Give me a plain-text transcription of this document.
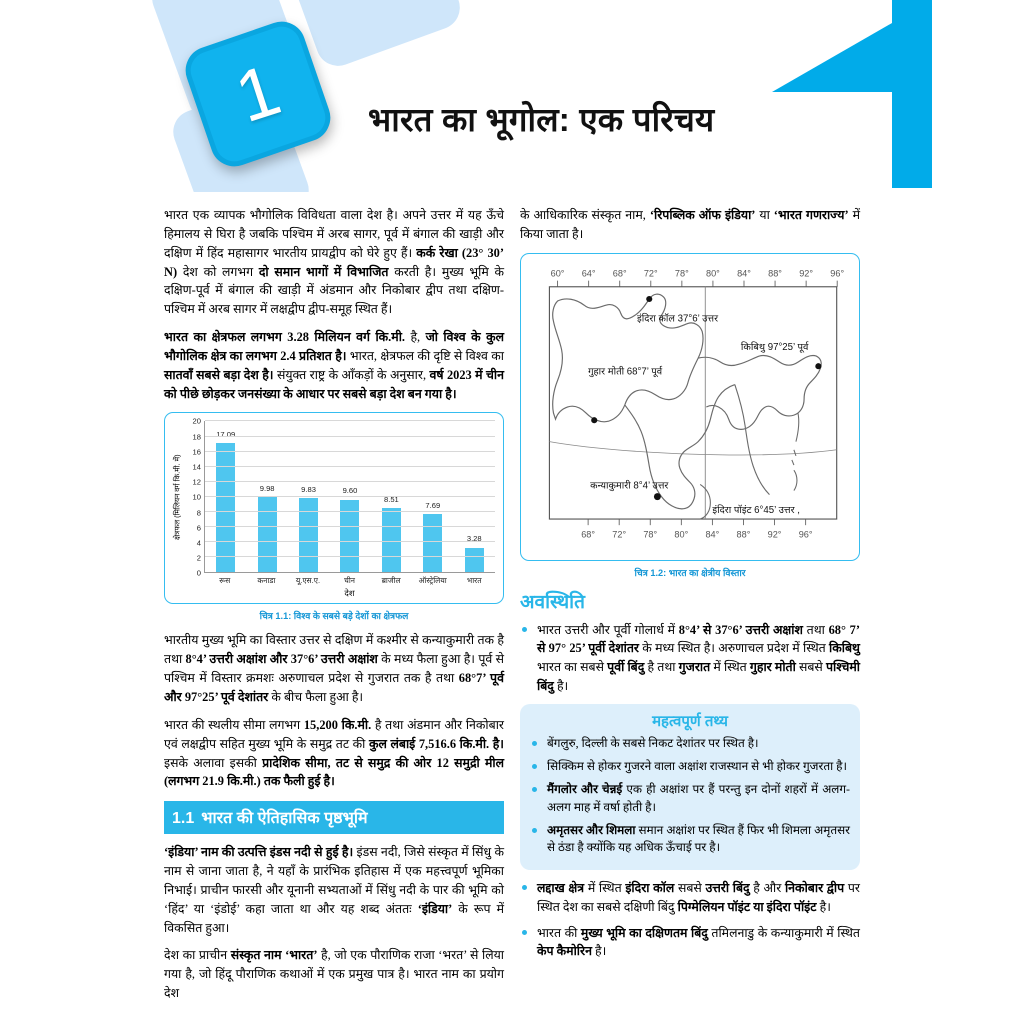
1 भारत का भूगोल: एक परिचय

भारत एक व्यापक भौगोलिक विविधता वाला देश है। अपने उत्तर में यह ऊँचे हिमालय से घिरा है जबकि पश्चिम में अरब सागर, पूर्व में बंगाल की खाड़ी और दक्षिण में हिंद महासागर भारतीय प्रायद्वीप को घेरे हुए हैं। कर्क रेखा (23° 30’ N) देश को लगभग दो समान भागों में विभाजित करती है। मुख्य भूमि के दक्षिण-पूर्व में बंगाल की खाड़ी में अंडमान और निकोबार द्वीप तथा दक्षिण-पश्चिम में अरब सागर में लक्षद्वीप द्वीप-समूह स्थित हैं।

भारत का क्षेत्रफल लगभग 3.28 मिलियन वर्ग कि.मी. है, जो विश्व के कुल भौगोलिक क्षेत्र का लगभग 2.4 प्रतिशत है। भारत, क्षेत्रफल की दृष्टि से विश्व का सातवाँ सबसे बड़ा देश है। संयुक्त राष्ट्र के आँकड़ों के अनुसार, वर्ष 2023 में चीन को पीछे छोड़कर जनसंख्या के आधार पर सबसे बड़ा देश बन गया है।

क्षेत्रफल (मिलियन वर्ग कि.मी. में)
0
2
4
6
8
10
12
14
16
18
20
17.09
9.98	9.83	9.60
8.51
7.69
3.28
रूस	कनाडा	यू.एस.ए.	चीन	ब्राजील	ऑस्ट्रेलिया	भारत
देश
चित्र 1.1: विश्व के सबसे बड़े देशों का क्षेत्रफल

भारतीय मुख्य भूमि का विस्तार उत्तर से दक्षिण में कश्मीर से कन्याकुमारी तक है तथा 8°4’ उत्तरी अक्षांश और 37°6’ उत्तरी अक्षांश के मध्य फैला हुआ है। पूर्व से पश्चिम में विस्तार क्रमशः अरुणाचल प्रदेश से गुजरात तक है तथा 68°7’ पूर्व और 97°25’ पूर्व देशांतर के बीच फैला हुआ है।

भारत की स्थलीय सीमा लगभग 15,200 कि.मी. है तथा अंडमान और निकोबार एवं लक्षद्वीप सहित मुख्य भूमि के समुद्र तट की कुल लंबाई 7,516.6 कि.मी. है। इसके अलावा इसकी प्रादेशिक सीमा, तट से समुद्र की ओर 12 समुद्री मील (लगभग 21.9 कि.मी.) तक फैली हुई है।

1.1 भारत की ऐतिहासिक पृष्ठभूमि

‘इंडिया’ नाम की उत्पत्ति इंडस नदी से हुई है। इंडस नदी, जिसे संस्कृत में सिंधु के नाम से जाना जाता है, ने यहाँ के प्रारंभिक इतिहास में एक महत्त्वपूर्ण भूमिका निभाई। प्राचीन फारसी और यूनानी सभ्यताओं में सिंधु नदी के पार की भूमि को ‘हिंद’ या ‘इंडोई’ कहा जाता था और यह शब्द अंततः ‘इंडिया’ के रूप में विकसित हुआ।

देश का प्राचीन संस्कृत नाम ‘भारत’ है, जो एक पौराणिक राजा ‘भरत’ से लिया गया है, जो हिंदू पौराणिक कथाओं में एक प्रमुख पात्र है। भारत नाम का प्रयोग देश

के आधिकारिक संस्कृत नाम, ‘रिपब्लिक ऑफ इंडिया’ या ‘भारत गणराज्य’ में किया जाता है।

60° 64° 68° 72° 78° 80° 84° 88° 92° 96°
68° 72° 78° 80° 84° 88° 92° 96°
इंदिरा कॉल 37°6’ उत्तर
किबिथु 97°25’ पूर्व
गुहार मोती 68°7’ पूर्व
कन्याकुमारी 8°4’ उत्तर
इंदिरा पॉइंट 6°45’ उत्तर ,
चित्र 1.2: भारत का क्षेत्रीय विस्तार
अवस्थिति
भारत उत्तरी और पूर्वी गोलार्ध में 8°4’ से 37°6’ उत्तरी अक्षांश तथा 68° 7’ से 97° 25’ पूर्वी देशांतर के मध्य स्थित है। अरुणाचल प्रदेश में स्थित किबिथु भारत का सबसे पूर्वी बिंदु है तथा गुजरात में स्थित गुहार मोती सबसे पश्चिमी बिंदु है।
महत्वपूर्ण तथ्य
बेंगलुरु, दिल्ली के सबसे निकट देशांतर पर स्थित है।
सिक्किम से होकर गुजरने वाला अक्षांश राजस्थान से भी होकर गुजरता है।
मैंगलोर और चेन्नई एक ही अक्षांश पर हैं परन्तु इन दोनों शहरों में अलग-अलग माह में वर्षा होती है।
अमृतसर और शिमला समान अक्षांश पर स्थित हैं फिर भी शिमला अमृतसर से ठंडा है क्योंकि यह अधिक ऊँचाई पर है।
लद्दाख क्षेत्र में स्थित इंदिरा कॉल सबसे उत्तरी बिंदु है और निकोबार द्वीप पर स्थित देश का सबसे दक्षिणी बिंदु पिग्मेलियन पॉइंट या इंदिरा पॉइंट है।
भारत की मुख्य भूमि का दक्षिणतम बिंदु तमिलनाडु के कन्याकुमारी में स्थित केप कैमोरिन है।
